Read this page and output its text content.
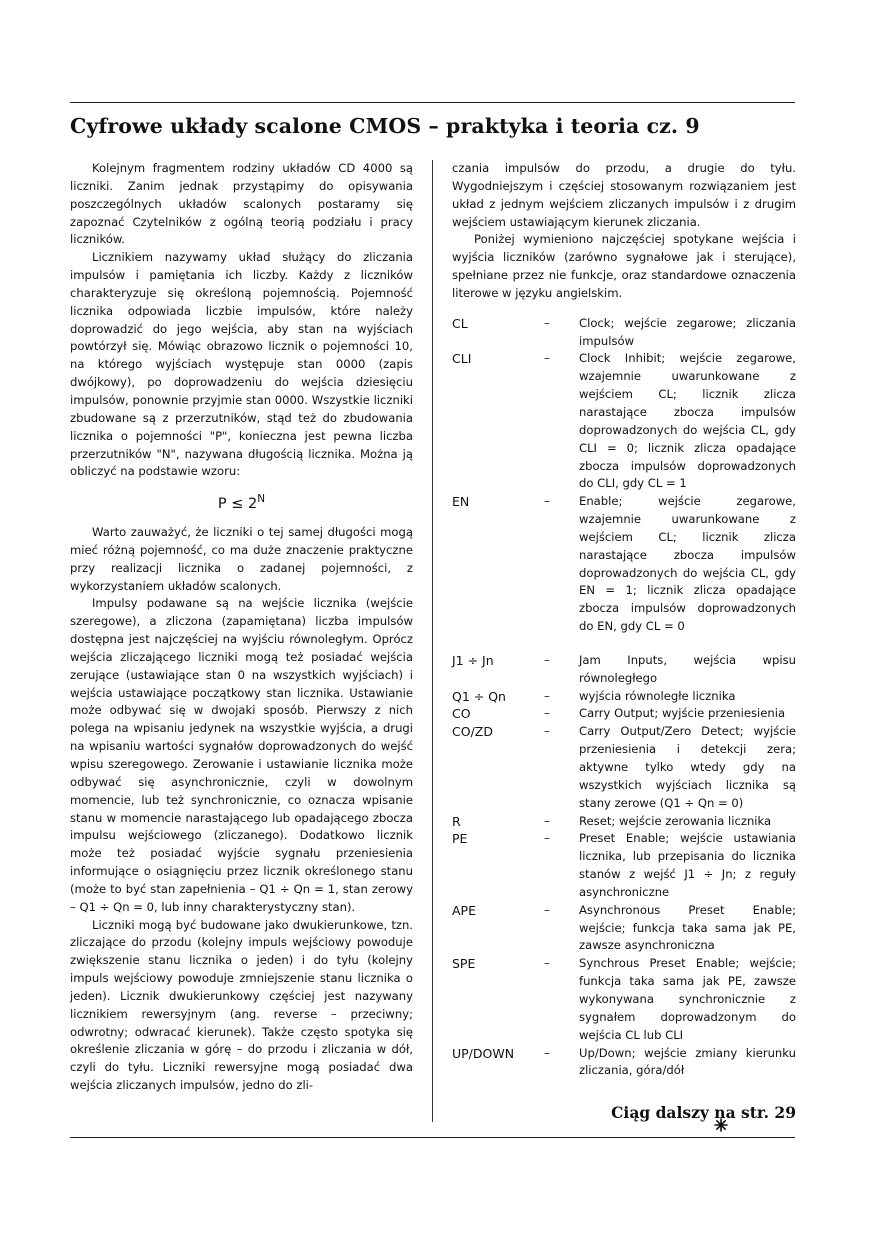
Cyfrowe układy scalone CMOS – praktyka i teoria cz. 9

Kolejnym fragmentem rodziny układów CD 4000 są liczniki. Zanim jednak przystąpimy do opisywania poszczególnych układów scalonych postaramy się zapoznać Czytelników z ogólną teorią podziału i pracy liczników.

Licznikiem nazywamy układ służący do zliczania impulsów i pamiętania ich liczby. Każdy z liczników charakteryzuje się określoną pojemnością. Pojemność licznika odpowiada liczbie impulsów, które należy doprowadzić do jego wejścia, aby stan na wyjściach powtórzył się. Mówiąc obrazowo licznik o pojemności 10, na którego wyjściach występuje stan 0000 (zapis dwójkowy), po doprowadzeniu do wejścia dziesięciu impulsów, ponownie przyjmie stan 0000. Wszystkie liczniki zbudowane są z przerzutników, stąd też do zbudowania licznika o pojemności "P", konieczna jest pewna liczba przerzutników "N", nazywana długością licznika. Można ją obliczyć na podstawie wzoru:

$P \le 2^N$

Warto zauważyć, że liczniki o tej samej długości mogą mieć różną pojemność, co ma duże znaczenie praktyczne przy realizacji licznika o zadanej pojemności, z wykorzystaniem układów scalonych.

Impulsy podawane są na wejście licznika (wejście szeregowe), a zliczona (zapamiętana) liczba impulsów dostępna jest najczęściej na wyjściu równoległym. Oprócz wejścia zliczającego liczniki mogą też posiadać wejścia zerujące (ustawiające stan 0 na wszystkich wyjściach) i wejścia ustawiające początkowy stan licznika. Ustawianie może odbywać się w dwojaki sposób. Pierwszy z nich polega na wpisaniu jedynek na wszystkie wyjścia, a drugi na wpisaniu wartości sygnałów doprowadzonych do wejść wpisu szeregowego. Zerowanie i ustawianie licznika może odbywać się asynchronicznie, czyli w dowolnym momencie, lub też synchronicznie, co oznacza wpisanie stanu w momencie narastającego lub opadającego zbocza impulsu wejściowego (zliczanego). Dodatkowo licznik może też posiadać wyjście sygnału przeniesienia informujące o osiągnięciu przez licznik określonego stanu (może to być stan zapełnienia – Q1 ÷ Qn = 1, stan zerowy – Q1 ÷ Qn = 0, lub inny charakterystyczny stan).

Liczniki mogą być budowane jako dwukierunkowe, tzn. zliczające do przodu (kolejny impuls wejściowy powoduje zwiększenie stanu licznika o jeden) i do tyłu (kolejny impuls wejściowy powoduje zmniejszenie stanu licznika o jeden). Licznik dwukierunkowy częściej jest nazywany licznikiem rewersyjnym (ang. reverse – przeciwny; odwrotny; odwracać kierunek). Także często spotyka się określenie zliczania w górę – do przodu i zliczania w dół, czyli do tyłu. Liczniki rewersyjne mogą posiadać dwa wejścia zliczanych impulsów, jedno do zli-

czania impulsów do przodu, a drugie do tyłu. Wygodniejszym i częściej stosowanym rozwiązaniem jest układ z jednym wejściem zliczanych impulsów i z drugim wejściem ustawiającym kierunek zliczania.

Poniżej wymieniono najczęściej spotykane wejścia i wyjścia liczników (zarówno sygnałowe jak i sterujące), spełniane przez nie funkcje, oraz standardowe oznaczenia literowe w języku angielskim.

CL	–	Clock; wejście zegarowe; zliczania impulsów
CLI	–	Clock Inhibit; wejście zegarowe, wzajemnie uwarunkowane z wejściem CL; licznik zlicza narastające zbocza impulsów doprowadzonych do wejścia CL, gdy CLI = 0; licznik zlicza opadające zbocza impulsów doprowadzonych do CLI, gdy CL = 1
EN	–	Enable; wejście zegarowe, wzajemnie uwarunkowane z wejściem CL; licznik zlicza narastające zbocza impulsów doprowadzonych do wejścia CL, gdy EN = 1; licznik zlicza opadające zbocza impulsów doprowadzonych do EN, gdy CL = 0
J1 ÷ Jn	–	Jam Inputs, wejścia wpisu równoległego
Q1 ÷ Qn	–	wyjścia równoległe licznika
CO	–	Carry Output; wyjście przeniesienia
CO/ZD	–	Carry Output/Zero Detect; wyjście przeniesienia i detekcji zera; aktywne tylko wtedy gdy na wszystkich wyjściach licznika są stany zerowe (Q1 ÷ Qn = 0)
R	–	Reset; wejście zerowania licznika
PE	–	Preset Enable; wejście ustawiania licznika, lub przepisania do licznika stanów z wejść J1 ÷ Jn; z reguły asynchroniczne
APE	–	Asynchronous Preset Enable; wejście; funkcja taka sama jak PE, zawsze asynchroniczna
SPE	–	Synchrous Preset Enable; wejście; funkcja taka sama jak PE, zawsze wykonywana synchronicznie z sygnałem doprowadzonym do wejścia CL lub CLI
UP/DOWN	–	Up/Down; wejście zmiany kierunku zliczania, góra/dół
Ciąg dalszy na str. 29
